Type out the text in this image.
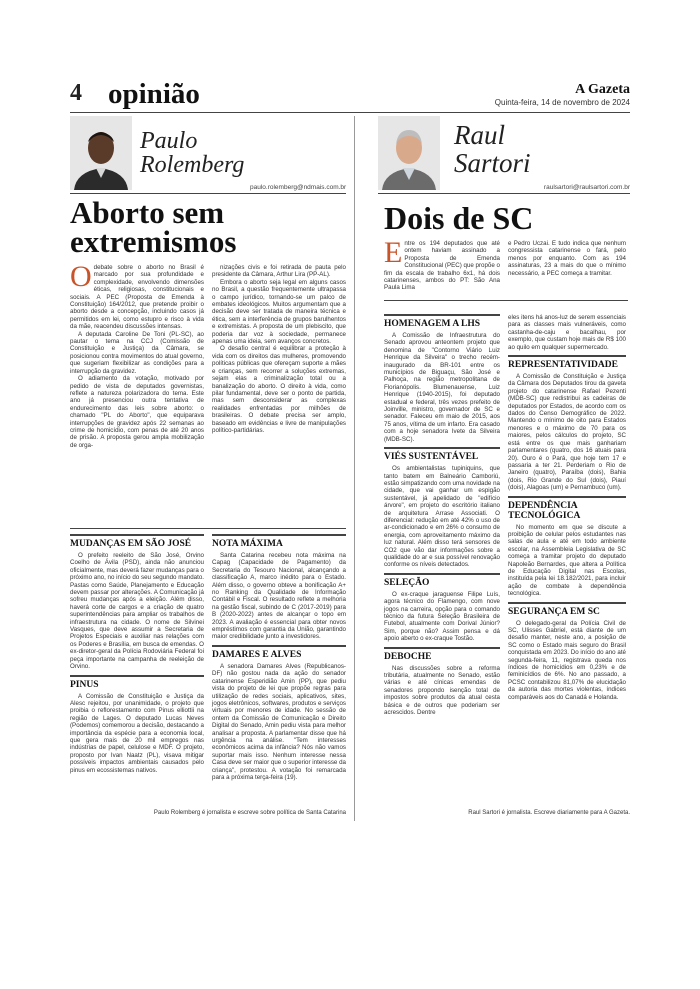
4 opinião	A Gazeta
Quinta-feira, 14 de novembro de 2024
Paulo
Rolemberg
paulo.rolemberg@ndmais.com.br
Aborto sem
extremismos

Odebate sobre o aborto no Brasil é marcado por sua profundidade e complexidade, envolvendo dimensões éticas, religiosas, constitucionais e sociais. A PEC (Proposta de Emenda à Constituição) 164/2012, que pretende proibir o aborto desde a concepção, incluindo casos já permitidos em lei, como estupro e risco à vida da mãe, reacendeu discussões intensas.

A deputada Caroline De Toni (PL-SC), ao pautar o tema na CCJ (Comissão de Constituição e Justiça) da Câmara, se posicionou contra movimentos do atual governo, que sugeriam flexibilizar as condições para a interrupção da gravidez.

O adiamento da votação, motivado por pedido de vista de deputados governistas, reflete a natureza polarizadora do tema. Este ano já presenciou outra tentativa de endurecimento das leis sobre aborto: o chamado "PL do Aborto", que equiparava interrupções de gravidez após 22 semanas ao crime de homicídio, com penas de até 20 anos de prisão. A proposta gerou ampla mobilização de orga-

nizações civis e foi retirada de pauta pelo presidente da Câmara, Arthur Lira (PP-AL).

Embora o aborto seja legal em alguns casos no Brasil, a questão frequentemente ultrapassa o campo jurídico, tornando-se um palco de embates ideológicos. Muitos argumentam que a decisão deve ser tratada de maneira técnica e ética, sem a interferência de grupos barulhentos e extremistas. A proposta de um plebiscito, que poderia dar voz à sociedade, permanece apenas uma ideia, sem avanços concretos.

O desafio central é equilibrar a proteção à vida com os direitos das mulheres, promovendo políticas públicas que ofereçam suporte a mães e crianças, sem recorrer a soluções extremas, sejam elas a criminalização total ou a banalização do aborto. O direito à vida, como pilar fundamental, deve ser o ponto de partida, mas sem desconsiderar as complexas realidades enfrentadas por milhões de brasileiras. O debate precisa ser amplo, baseado em evidências e livre de manipulações político-partidárias.

MUDANÇAS EM SÃO JOSÉ

O prefeito reeleito de São José, Orvino Coelho de Ávila (PSD), ainda não anunciou oficialmente, mas deverá fazer mudanças para o próximo ano, no início do seu segundo mandato. Pastas como Saúde, Planejamento e Educação devem passar por alterações. A Comunicação já sofreu mudanças após a eleição. Além disso, haverá corte de cargos e a criação de quatro superintendências para ampliar os trabalhos de infraestrutura na cidade. O nome de Silvinei Vasques, que deve assumir a Secretaria de Projetos Especiais e auxiliar nas relações com os Poderes e Brasília, em busca de emendas. O ex-diretor-geral da Polícia Rodoviária Federal foi peça importante na campanha de reeleição de Orvino.

PINUS

A Comissão de Constituição e Justiça da Alesc rejeitou, por unanimidade, o projeto que proibia o reflorestamento com Pinus elliottii na região de Lages. O deputado Lucas Neves (Podemos) comemorou a decisão, destacando a importância da espécie para a economia local, que gera mais de 20 mil empregos nas indústrias de papel, celulose e MDF. O projeto, proposto por Ivan Naatz (PL), visava mitigar possíveis impactos ambientais causados pelo pinus em ecossistemas nativos.

NOTA MÁXIMA

Santa Catarina recebeu nota máxima na Capag (Capacidade de Pagamento) da Secretaria do Tesouro Nacional, alcançando a classificação A, marco inédito para o Estado. Além disso, o governo obteve a bonificação A+ no Ranking da Qualidade de Informação Contábil e Fiscal. O resultado reflete a melhoria na gestão fiscal, subindo de C (2017-2019) para B (2020-2022) antes de alcançar o topo em 2023. A avaliação é essencial para obter novos empréstimos com garantia da União, garantindo maior credibilidade junto a investidores.

DAMARES E ALVES

A senadora Damares Alves (Republicanos-DF) não gostou nada da ação do senador catarinense Esperidião Amin (PP), que pediu vista do projeto de lei que propõe regras para utilização de redes sociais, aplicativos, sites, jogos eletrônicos, softwares, produtos e serviços virtuais por menores de idade. No sessão de ontem da Comissão de Comunicação e Direito Digital do Senado, Amin pediu vista para melhor analisar a proposta. A parlamentar disse que há urgência na análise. "Tem interesses econômicos acima da infância? Nós não vamos suportar mais isso. Nenhum interesse nessa Casa deve ser maior que o superior interesse da criança", protestou. A votação foi remarcada para a próxima terça-feira (19).

Paulo Rolemberg é jornalista e escreve sobre política de Santa Catarina
Raul
Sartori
raulsartori@raulsartori.com.br
Dois de SC

Entre os 194 deputados que até ontem haviam assinado a Proposta de Emenda Constitucional (PEC) que propõe o fim da escala de trabalho 6x1, há dois catarinenses, ambos do PT: São Ana Paula Lima

e Pedro Uczai. E tudo indica que nenhum congressista catarinense o fará, pelo menos por enquanto. Com as 194 assinaturas, 23 a mais do que o mínimo necessário, a PEC começa a tramitar.

HOMENAGEM A LHS

A Comissão de Infraestrutura do Senado aprovou anteontem projeto que denomina de "Contorno Viário Luiz Henrique da Silveira" o trecho recém-inaugurado da BR-101 entre os municípios de Biguaçu, São José e Palhoça, na região metropolitana de Florianópolis. Blumenauense, Luiz Henrique (1940-2015), foi deputado estadual e federal, três vezes prefeito de Joinville, ministro, governador de SC e senador. Faleceu em maio de 2015, aos 75 anos, vítima de um infarto. Era casado com a hoje senadora Ivete da Silveira (MDB-SC).

VIÉS SUSTENTÁVEL

Os ambientalistas tupiniquins, que tanto batem em Balneário Camboriú, estão simpatizando com uma novidade na cidade, que vai ganhar um espigão sustentável, já apelidado de "edifício árvore", em projeto do escritório italiano de arquitetura Arrase Associati. O diferencial: redução em até 42% o uso de ar-condicionado e em 26% o consumo de energia, com aproveitamento máximo da luz natural. Além disso terá sensores de CO2 que vão dar informações sobre a qualidade do ar e sua possível renovação conforme os níveis detectados.

SELEÇÃO

O ex-craque jaraguense Filipe Luís, agora técnico do Flamengo, com nove jogos na carreira, opção para o comando técnico da futura Seleção Brasileira de Futebol, atualmente com Dorival Júnior? Sim, porque não? Assim pensa e dá apoio aberto o ex-craque Tostão.

DEBOCHE

Nas discussões sobre a reforma tributária, atualmente no Senado, estão várias e até cínicas emendas de senadores propondo isenção total de impostos sobre produtos da atual cesta básica e de outros que poderiam ser acrescidos. Dentre

eles itens há anos-luz de serem essenciais para as classes mais vulneráveis, como castanha-de-caju e bacalhau, por exemplo, que custam hoje mais de R$ 100 ao quilo em qualquer supermercado.

REPRESENTATIVIDADE

A Comissão de Constituição e Justiça da Câmara dos Deputados tirou da gaveta projeto do catarinense Rafael Pezenti (MDB-SC) que redistribui as cadeiras de deputados por Estados, de acordo com os dados do Censo Demográfico de 2022. Mantendo o mínimo de oito para Estados menores e o máximo de 70 para os maiores, pelos cálculos do projeto, SC está entre os que mais ganhariam parlamentares (quatro, dos 16 atuais para 20). Ouro é o Pará, que hoje tem 17 e passaria a ter 21. Perderiam o Rio de Janeiro (quatro), Paraíba (dois), Bahia (dois, Rio Grande do Sul (dois), Piauí (dois), Alagoas (um) e Pernambuco (um).

DEPENDÊNCIA TECNOLÓGICA

No momento em que se discute a proibição de celular pelos estudantes nas salas de aula e até em todo ambiente escolar, na Assembleia Legislativa de SC começa a tramitar projeto do deputado Napoleão Bernardes, que altera a Política de Educação Digital nas Escolas, instituída pela lei 18.182/2021, para incluir ação de combate à dependência tecnológica.

SEGURANÇA EM SC

O delegado-geral da Polícia Civil de SC, Ulisses Gabriel, está diante de um desafio manter, neste ano, a posição de SC como o Estado mais seguro do Brasil conquistada em 2023. Do início do ano até segunda-feira, 11, registrava queda nos índices de homicídios em 0,23% e de feminicídios de 6%. No ano passado, a PCSC contabilizou 81,07% de elucidação da autoria das mortes violentas, índices comparáveis aos do Canadá e Holanda.

Raul Sartori é jornalista. Escreve diariamente para A Gazeta.
